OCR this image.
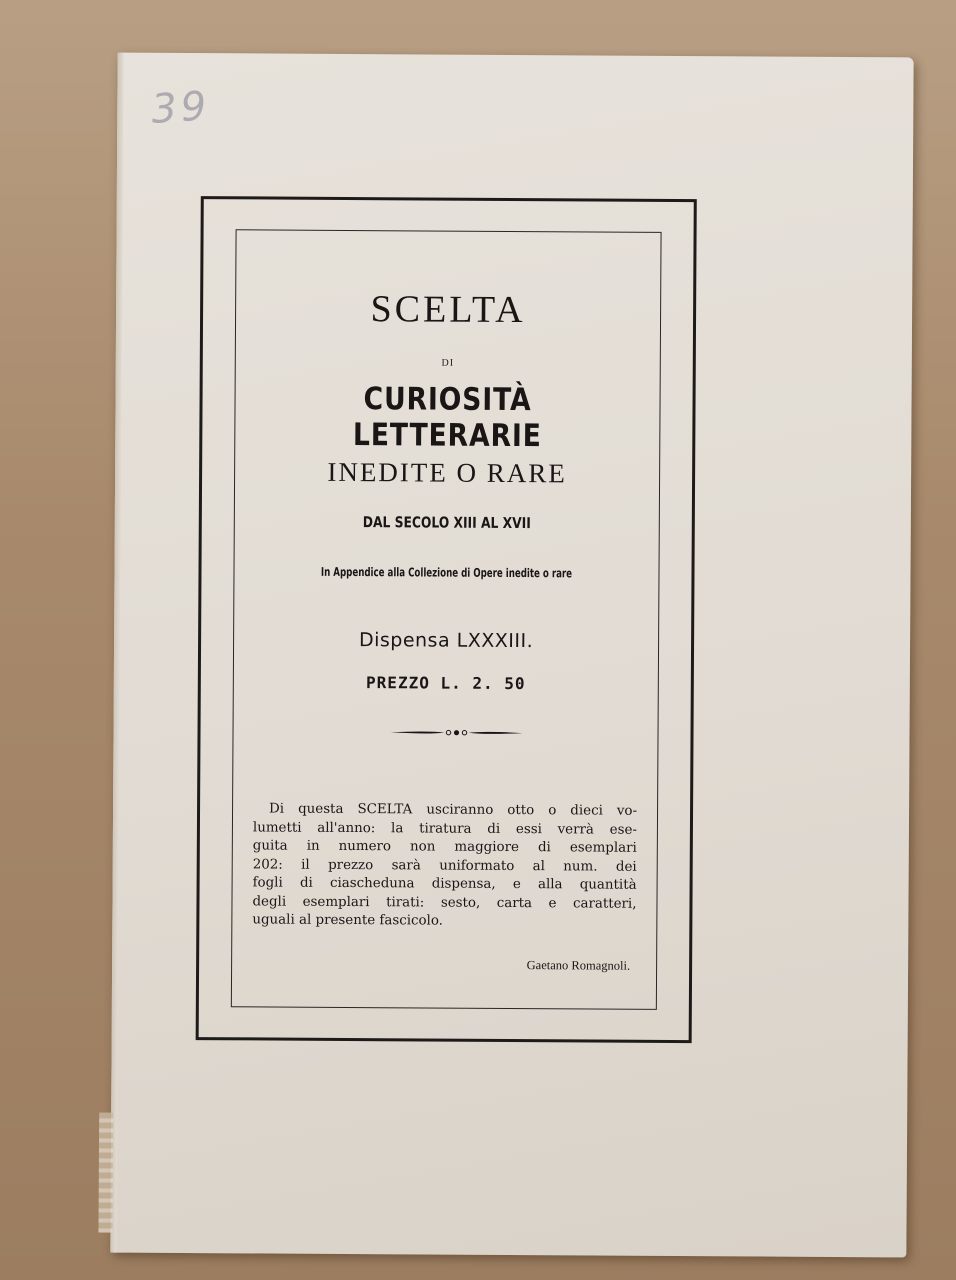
39
SCELTA
DI
CURIOSITÀ LETTERARIE
INEDITE O RARE
DAL SECOLO XIII AL XVII
In Appendice alla Collezione di Opere inedite o rare
Dispensa LXXXIII.
PREZZO L. 2. 50
Di questa SCELTA usciranno otto o dieci vo-
lumetti all'anno: la tiratura di essi verrà ese-
guita in numero non maggiore di esemplari
202: il prezzo sarà uniformato al num. dei
fogli di ciascheduna dispensa, e alla quantità
degli esemplari tirati: sesto, carta e caratteri,
uguali al presente fascicolo.
Gaetano Romagnoli.
